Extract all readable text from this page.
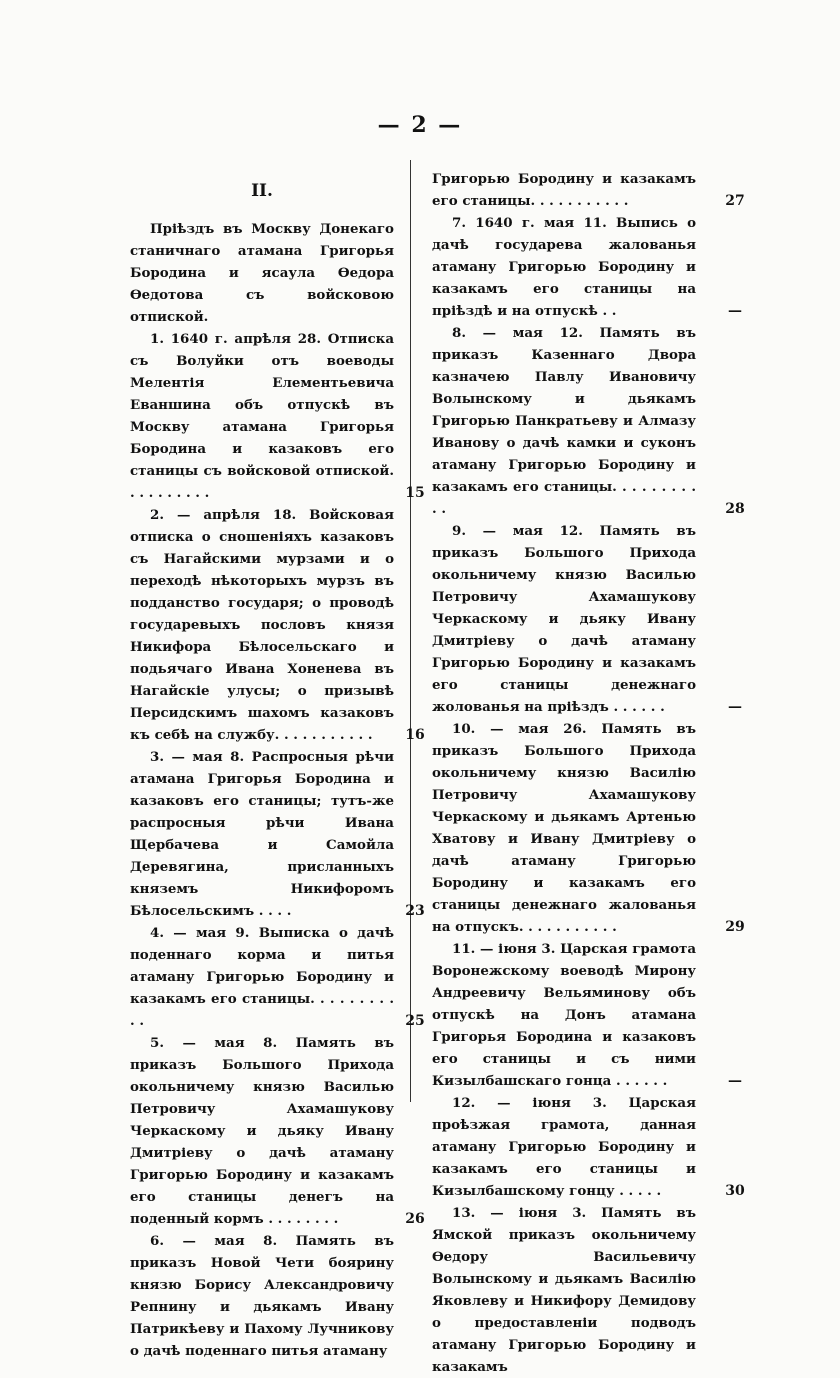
— 2 —
II.

Пріѣздъ въ Москву Донекаго станичнаго атамана Григорья Бородина и ясаула Ѳедора Ѳедотова съ войсковою отпиской.

1. 1640 г. апрѣля 28. Отписка съ Волуйки отъ воеводы Мелентія Елементьевича Еваншина объ отпускѣ въ Москву атамана Григорья Бородина и казаковъ его станицы съ войсковой отпиской. . . . . . . . . .	15

2. — апрѣля 18. Войсковая отписка о сношеніяхъ казаковъ съ Нагайскими мурзами и о переходѣ нѣкоторыхъ мурзъ въ подданство государя; о проводѣ государевыхъ пословъ князя Никифора Бѣлосельскаго и подьячаго Ивана Хоненева въ Нагайскіе улусы; о призывѣ Персидскимъ шахомъ казаковъ къ себѣ на службу. . . . . . . . . . .	16

3. — мая 8. Распросныя рѣчи атамана Григорья Бородина и казаковъ его станицы; тутъ-же распросныя рѣчи Ивана Щербачева и Самойла Деревягина, присланныхъ княземъ Никифоромъ Бѣлосельскимъ . . . .	23

4. — мая 9. Выписка о дачѣ поденнаго корма и питья атаману Григорью Бородину и казакамъ его станицы. . . . . . . . . . .	25

5. — мая 8. Память въ приказъ Большого Прихода окольничему князю Василью Петровичу Ахамашукову Черкаскому и дьяку Ивану Дмитріеву о дачѣ атаману Григорью Бородину и казакамъ его станицы денегъ на поденный кормъ . . . . . . . .	26

6. — мая 8. Память въ приказъ Новой Чети боярину князю Борису Александровичу Репнину и дьякамъ Ивану Патрикѣеву и Пахому Лучникову о дачѣ поденнаго питья атаману

Григорью Бородину и казакамъ его станицы. . . . . . . . . . .	27

7. 1640 г. мая 11. Выпись о дачѣ государева жалованья атаману Григорью Бородину и казакамъ его станицы на пріѣздѣ и на отпускѣ . .	—

8. — мая 12. Память въ приказъ Казеннаго Двора казначею Павлу Ивановичу Волынскому и дьякамъ Григорью Панкратьеву и Алмазу Иванову о дачѣ камки и суконъ атаману Григорью Бородину и казакамъ его станицы. . . . . . . . . . .	28

9. — мая 12. Память въ приказъ Большого Прихода окольничему князю Василью Петровичу Ахамашукову Черкаскому и дьяку Ивану Дмитріеву о дачѣ атаману Григорью Бородину и казакамъ его станицы денежнаго жолованья на пріѣздъ . . . . . .	—

10. — мая 26. Память въ приказъ Большого Прихода окольничему князю Василію Петровичу Ахамашукову Черкаскому и дьякамъ Артенью Хватову и Ивану Дмитріеву о дачѣ атаману Григорью Бородину и казакамъ его станицы денежнаго жалованья на отпускъ. . . . . . . . . . .	29

11. — іюня 3. Царская грамота Воронежскому воеводѣ Мирону Андреевичу Вельяминову объ отпускѣ на Донъ атамана Григорья Бородина и казаковъ его станицы и съ ними Кизылбашскаго гонца . . . . . .	—

12. — іюня 3. Царская проѣзжая грамота, данная атаману Григорью Бородину и казакамъ его станицы и Кизылбашскому гонцу . . . . .	30

13. — іюня 3. Память въ Ямской приказъ окольничему Ѳедору Васильевичу Волынскому и дьякамъ Василію Яковлеву и Никифору Демидову о предоставленіи подводъ атаману Григорью Бородину и казакамъ
